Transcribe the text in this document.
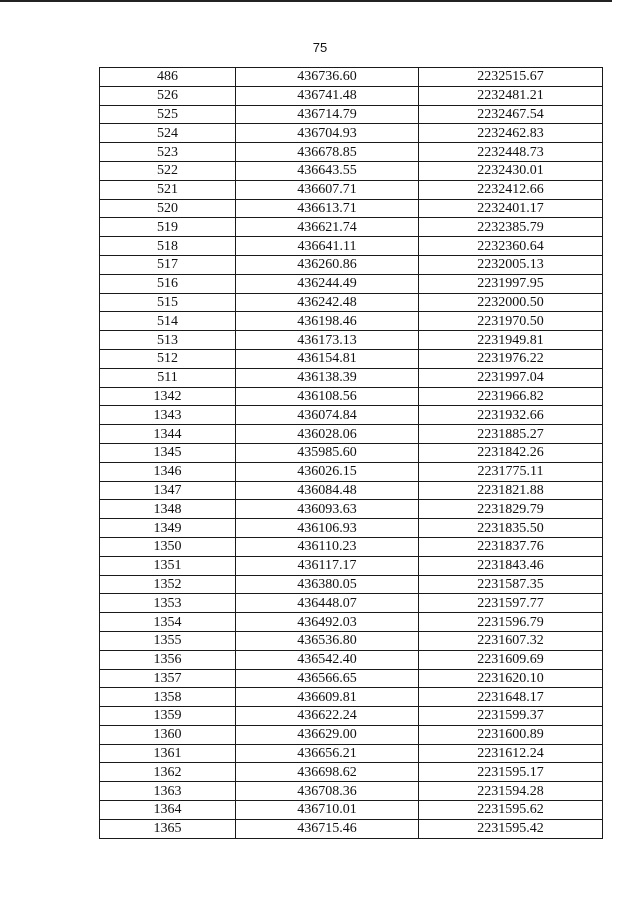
75
486	436736.60	2232515.67
526	436741.48	2232481.21
525	436714.79	2232467.54
524	436704.93	2232462.83
523	436678.85	2232448.73
522	436643.55	2232430.01
521	436607.71	2232412.66
520	436613.71	2232401.17
519	436621.74	2232385.79
518	436641.11	2232360.64
517	436260.86	2232005.13
516	436244.49	2231997.95
515	436242.48	2232000.50
514	436198.46	2231970.50
513	436173.13	2231949.81
512	436154.81	2231976.22
511	436138.39	2231997.04
1342	436108.56	2231966.82
1343	436074.84	2231932.66
1344	436028.06	2231885.27
1345	435985.60	2231842.26
1346	436026.15	2231775.11
1347	436084.48	2231821.88
1348	436093.63	2231829.79
1349	436106.93	2231835.50
1350	436110.23	2231837.76
1351	436117.17	2231843.46
1352	436380.05	2231587.35
1353	436448.07	2231597.77
1354	436492.03	2231596.79
1355	436536.80	2231607.32
1356	436542.40	2231609.69
1357	436566.65	2231620.10
1358	436609.81	2231648.17
1359	436622.24	2231599.37
1360	436629.00	2231600.89
1361	436656.21	2231612.24
1362	436698.62	2231595.17
1363	436708.36	2231594.28
1364	436710.01	2231595.62
1365	436715.46	2231595.42
